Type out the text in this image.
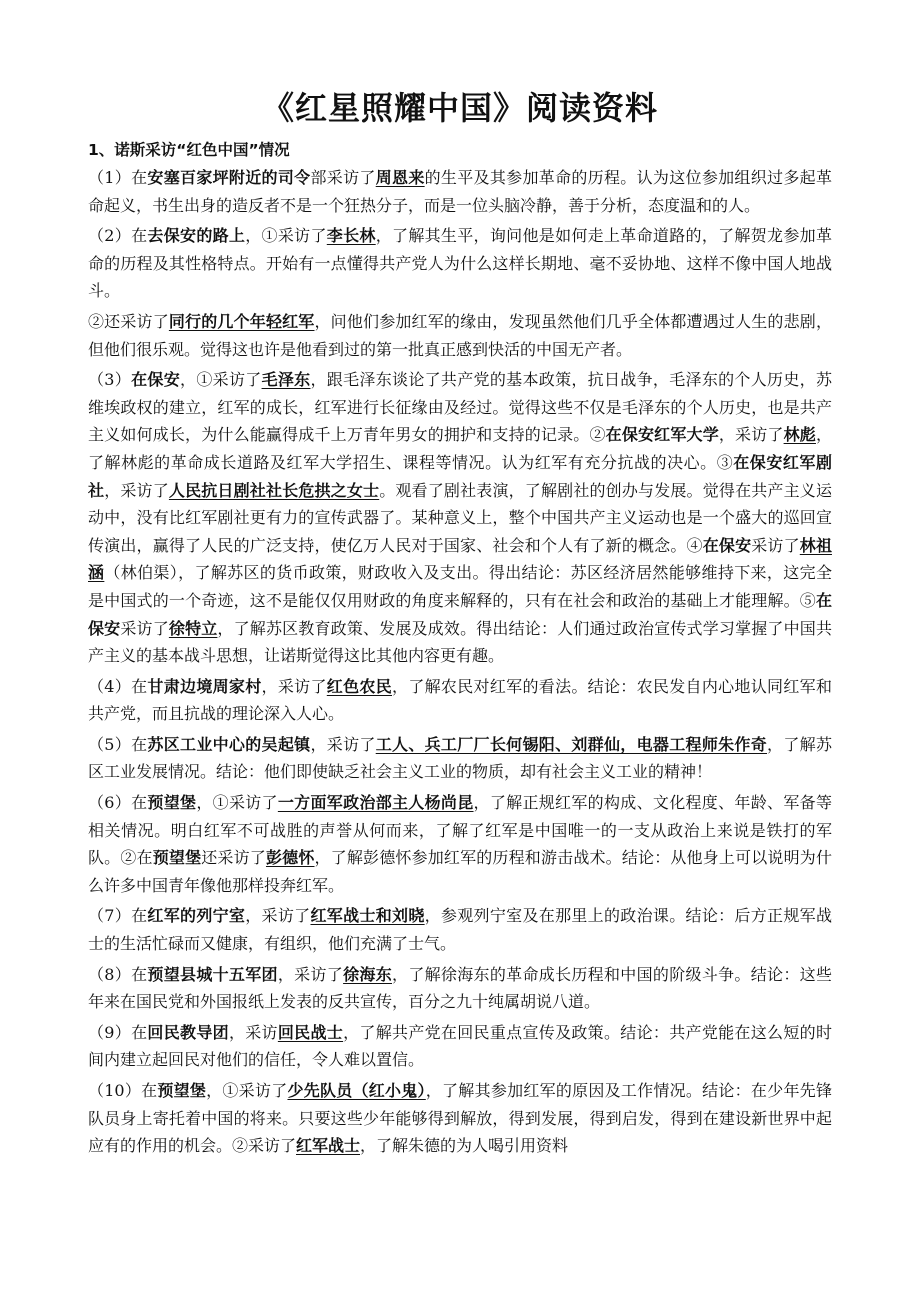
《红星照耀中国》阅读资料
1、诺斯采访“红色中国”情况

（1）在安塞百家坪附近的司令部采访了周恩来的生平及其参加革命的历程。认为这位参加组织过多起革命起义，书生出身的造反者不是一个狂热分子，而是一位头脑冷静，善于分析，态度温和的人。

（2）在去保安的路上，①采访了李长林，了解其生平，询问他是如何走上革命道路的，了解贺龙参加革命的历程及其性格特点。开始有一点懂得共产党人为什么这样长期地、毫不妥协地、这样不像中国人地战斗。

②还采访了同行的几个年轻红军，问他们参加红军的缘由，发现虽然他们几乎全体都遭遇过人生的悲剧，但他们很乐观。觉得这也许是他看到过的第一批真正感到快活的中国无产者。

（3）在保安，①采访了毛泽东，跟毛泽东谈论了共产党的基本政策，抗日战争，毛泽东的个人历史，苏维埃政权的建立，红军的成长，红军进行长征缘由及经过。觉得这些不仅是毛泽东的个人历史，也是共产主义如何成长，为什么能赢得成千上万青年男女的拥护和支持的记录。②在保安红军大学，采访了林彪，了解林彪的革命成长道路及红军大学招生、课程等情况。认为红军有充分抗战的决心。③在保安红军剧社，采访了人民抗日剧社社长危拱之女士。观看了剧社表演，了解剧社的创办与发展。觉得在共产主义运动中，没有比红军剧社更有力的宣传武器了。某种意义上，整个中国共产主义运动也是一个盛大的巡回宣传演出，赢得了人民的广泛支持，使亿万人民对于国家、社会和个人有了新的概念。④在保安采访了林祖涵（林伯渠），了解苏区的货币政策，财政收入及支出。得出结论：苏区经济居然能够维持下来，这完全是中国式的一个奇迹，这不是能仅仅用财政的角度来解释的，只有在社会和政治的基础上才能理解。⑤在保安采访了徐特立，了解苏区教育政策、发展及成效。得出结论：人们通过政治宣传式学习掌握了中国共产主义的基本战斗思想，让诺斯觉得这比其他内容更有趣。

（4）在甘肃边境周家村，采访了红色农民，了解农民对红军的看法。结论：农民发自内心地认同红军和共产党，而且抗战的理论深入人心。

（5）在苏区工业中心的吴起镇，采访了工人、兵工厂厂长何锡阳、刘群仙，电器工程师朱作奇，了解苏区工业发展情况。结论：他们即使缺乏社会主义工业的物质，却有社会主义工业的精神！

（6）在预望堡，①采访了一方面军政治部主人杨尚昆，了解正规红军的构成、文化程度、年龄、军备等相关情况。明白红军不可战胜的声誉从何而来，了解了红军是中国唯一的一支从政治上来说是铁打的军队。②在预望堡还采访了彭德怀，了解彭德怀参加红军的历程和游击战术。结论：从他身上可以说明为什么许多中国青年像他那样投奔红军。

（7）在红军的列宁室，采访了红军战士和刘晓，参观列宁室及在那里上的政治课。结论：后方正规军战士的生活忙碌而又健康，有组织，他们充满了士气。

（8）在预望县城十五军团，采访了徐海东，了解徐海东的革命成长历程和中国的阶级斗争。结论：这些年来在国民党和外国报纸上发表的反共宣传，百分之九十纯属胡说八道。

（9）在回民教导团，采访回民战士，了解共产党在回民重点宣传及政策。结论：共产党能在这么短的时间内建立起回民对他们的信任，令人难以置信。

（10）在预望堡，①采访了少先队员（红小鬼），了解其参加红军的原因及工作情况。结论：在少年先锋队员身上寄托着中国的将来。只要这些少年能够得到解放，得到发展，得到启发，得到在建设新世界中起应有的作用的机会。②采访了红军战士，了解朱德的为人喝引用资料
